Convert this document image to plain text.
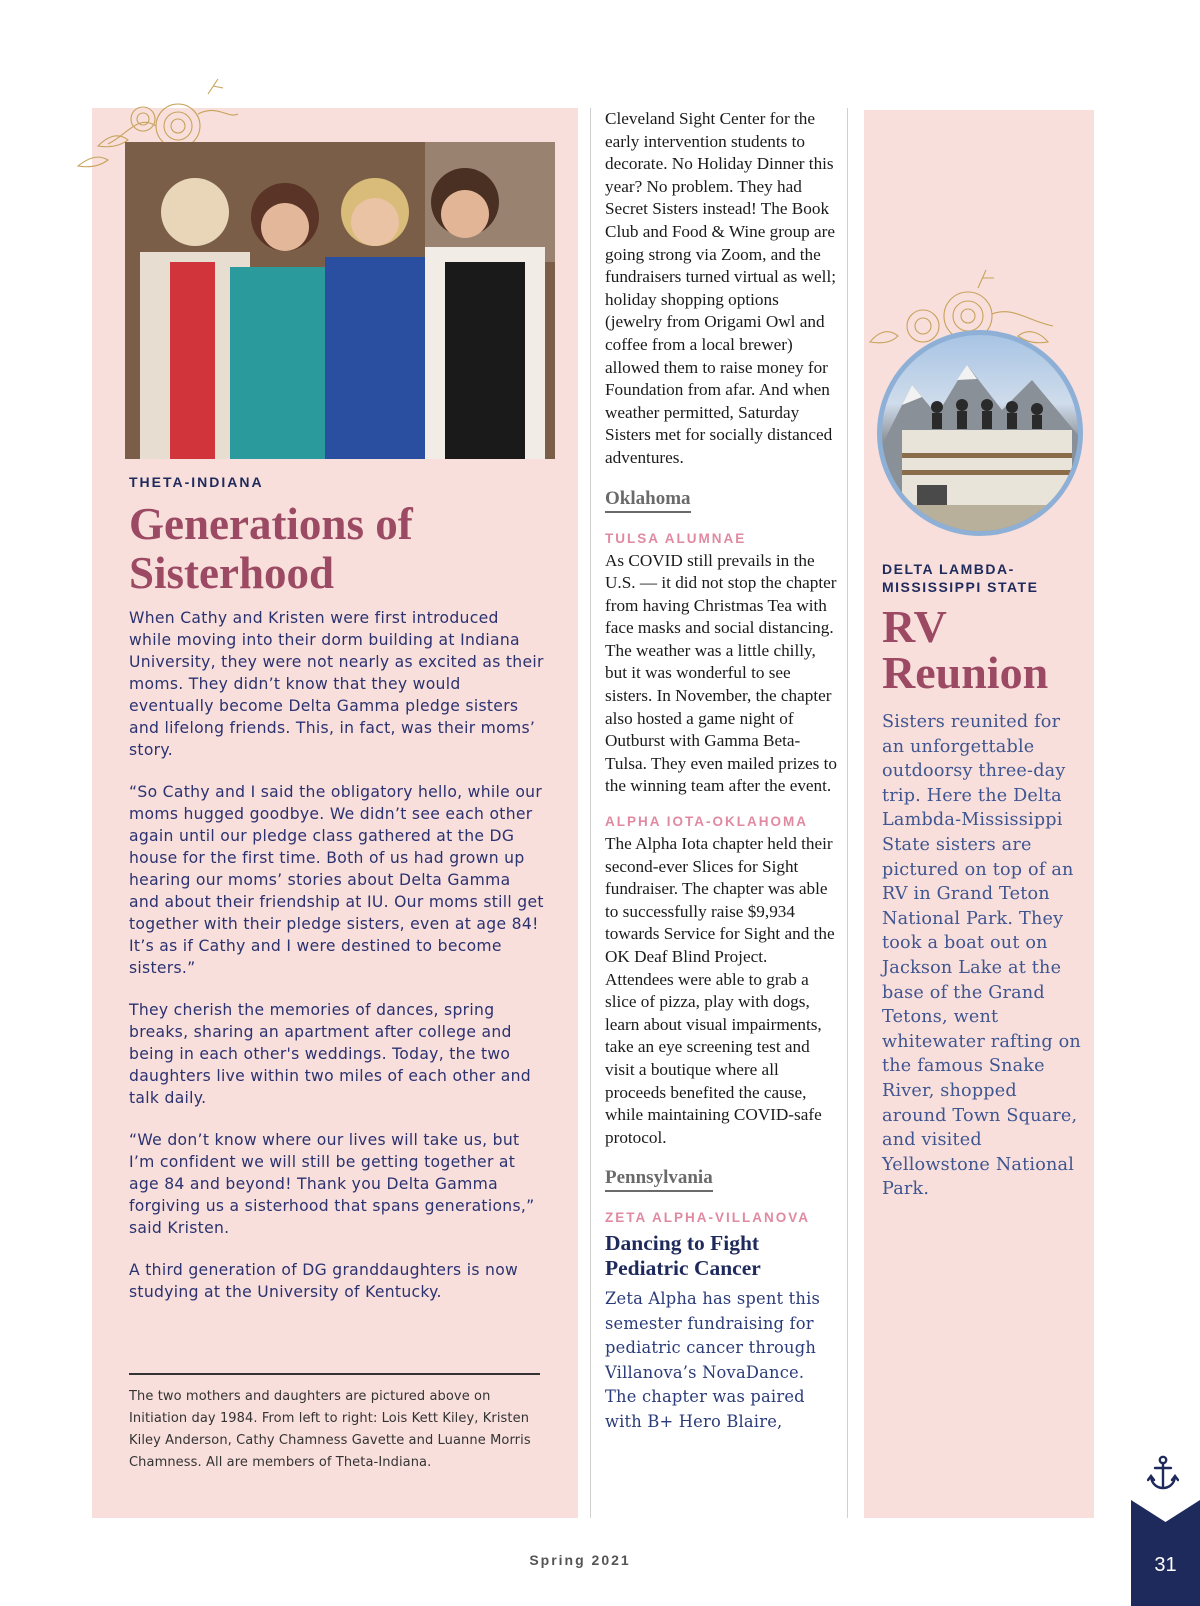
THETA-INDIANA

Generations of
Sisterhood

When Cathy and Kristen were first introduced while moving into their dorm building at Indiana University, they were not nearly as excited as their moms. They didn’t know that they would eventually become Delta Gamma pledge sisters and lifelong friends. This, in fact, was their moms’ story.

“So Cathy and I said the obligatory hello, while our moms hugged goodbye. We didn’t see each other again until our pledge class gathered at the DG house for the first time. Both of us had grown up hearing our moms’ stories about Delta Gamma and about their friendship at IU. Our moms still get together with their pledge sisters, even at age 84! It’s as if Cathy and I were destined to become sisters.”

They cherish the memories of dances, spring breaks, sharing an apartment after college and being in each other's weddings. Today, the two daughters live within two miles of each other and talk daily.

“We don’t know where our lives will take us, but I’m confident we will still be getting together at age 84 and beyond! Thank you Delta Gamma forgiving us a sisterhood that spans generations,” said Kristen.

A third generation of DG granddaughters is now studying at the University of Kentucky.

The two mothers and daughters are pictured above on Initiation day 1984. From left to right: Lois Kett Kiley, Kristen Kiley Anderson, Cathy Chamness Gavette and Luanne Morris Chamness. All are members of Theta-Indiana.

Cleveland Sight Center for the early intervention students to decorate. No Holiday Dinner this year? No problem. They had Secret Sisters instead! The Book Club and Food & Wine group are going strong via Zoom, and the fundraisers turned virtual as well; holiday shopping options (jewelry from Origami Owl and coffee from a local brewer) allowed them to raise money for Foundation from afar. And when weather permitted, Saturday Sisters met for socially distanced adventures.

Oklahoma

TULSA ALUMNAE

As COVID still prevails in the U.S. — it did not stop the chapter from having Christmas Tea with face masks and social distancing. The weather was a little chilly, but it was wonderful to see sisters. In November, the chapter also hosted a game night of Outburst with Gamma Beta-Tulsa. They even mailed prizes to the winning team after the event.

ALPHA IOTA-OKLAHOMA

The Alpha Iota chapter held their second-ever Slices for Sight fundraiser. The chapter was able to successfully raise $9,934 towards Service for Sight and the OK Deaf Blind Project. Attendees were able to grab a slice of pizza, play with dogs, learn about visual impairments, take an eye screening test and visit a boutique where all proceeds benefited the cause, while maintaining COVID-safe protocol.

Pennsylvania

ZETA ALPHA-VILLANOVA

Dancing to Fight Pediatric Cancer

Zeta Alpha has spent this semester fundraising for pediatric cancer through Villanova’s NovaDance. The chapter was paired with B+ Hero Blaire,

DELTA LAMBDA-
MISSISSIPPI STATE

RV
Reunion

Sisters reunited for an unforgettable outdoorsy three-day trip. Here the Delta Lambda-Mississippi State sisters are pictured on top of an RV in Grand Teton National Park. They took a boat out on Jackson Lake at the base of the Grand Tetons, went whitewater rafting on the famous Snake River, shopped around Town Square, and visited Yellowstone National Park.

Spring 2021	31
